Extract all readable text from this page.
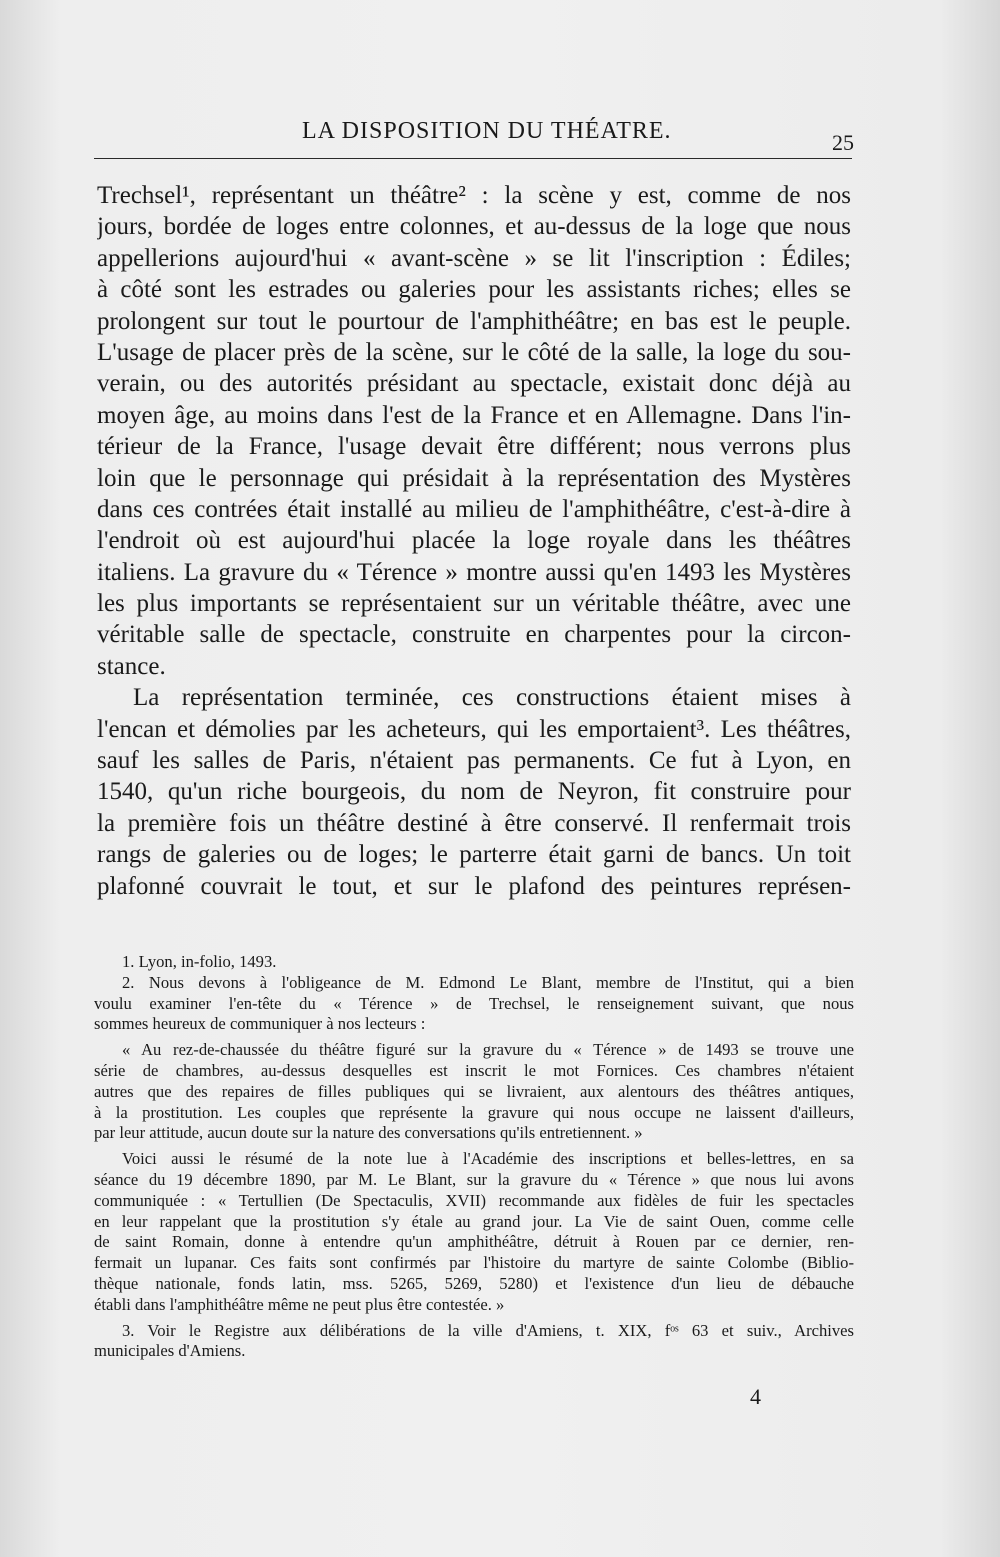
LA DISPOSITION DU THÉATRE.	25
Trechsel¹, représentant un théâtre² : la scène y est, comme de nos
jours, bordée de loges entre colonnes, et au-dessus de la loge que nous
appellerions aujourd'hui « avant-scène » se lit l'inscription : Édiles;
à côté sont les estrades ou galeries pour les assistants riches; elles se
prolongent sur tout le pourtour de l'amphithéâtre; en bas est le peuple.
L'usage de placer près de la scène, sur le côté de la salle, la loge du sou-
verain, ou des autorités présidant au spectacle, existait donc déjà au
moyen âge, au moins dans l'est de la France et en Allemagne. Dans l'in-
térieur de la France, l'usage devait être différent; nous verrons plus
loin que le personnage qui présidait à la représentation des Mystères
dans ces contrées était installé au milieu de l'amphithéâtre, c'est-à-dire à
l'endroit où est aujourd'hui placée la loge royale dans les théâtres
italiens. La gravure du « Térence » montre aussi qu'en 1493 les Mystères
les plus importants se représentaient sur un véritable théâtre, avec une
véritable salle de spectacle, construite en charpentes pour la circon-
stance.
La représentation terminée, ces constructions étaient mises à
l'encan et démolies par les acheteurs, qui les emportaient³. Les théâtres,
sauf les salles de Paris, n'étaient pas permanents. Ce fut à Lyon, en
1540, qu'un riche bourgeois, du nom de Neyron, fit construire pour
la première fois un théâtre destiné à être conservé. Il renfermait trois
rangs de galeries ou de loges; le parterre était garni de bancs. Un toit
plafonné couvrait le tout, et sur le plafond des peintures représen-
1. Lyon, in-folio, 1493.
2. Nous devons à l'obligeance de M. Edmond Le Blant, membre de l'Institut, qui a bien
voulu examiner l'en-tête du « Térence » de Trechsel, le renseignement suivant, que nous
sommes heureux de communiquer à nos lecteurs :
« Au rez-de-chaussée du théâtre figuré sur la gravure du « Térence » de 1493 se trouve une
série de chambres, au-dessus desquelles est inscrit le mot Fornices. Ces chambres n'étaient
autres que des repaires de filles publiques qui se livraient, aux alentours des théâtres antiques,
à la prostitution. Les couples que représente la gravure qui nous occupe ne laissent d'ailleurs,
par leur attitude, aucun doute sur la nature des conversations qu'ils entretiennent. »
Voici aussi le résumé de la note lue à l'Académie des inscriptions et belles-lettres, en sa
séance du 19 décembre 1890, par M. Le Blant, sur la gravure du « Térence » que nous lui avons
communiquée : « Tertullien (De Spectaculis, XVII) recommande aux fidèles de fuir les spectacles
en leur rappelant que la prostitution s'y étale au grand jour. La Vie de saint Ouen, comme celle
de saint Romain, donne à entendre qu'un amphithéâtre, détruit à Rouen par ce dernier, ren-
fermait un lupanar. Ces faits sont confirmés par l'histoire du martyre de sainte Colombe (Biblio-
thèque nationale, fonds latin, mss. 5265, 5269, 5280) et l'existence d'un lieu de débauche
établi dans l'amphithéâtre même ne peut plus être contestée. »
3. Voir le Registre aux délibérations de la ville d'Amiens, t. XIX, fᵒˢ 63 et suiv., Archives
municipales d'Amiens.
4
